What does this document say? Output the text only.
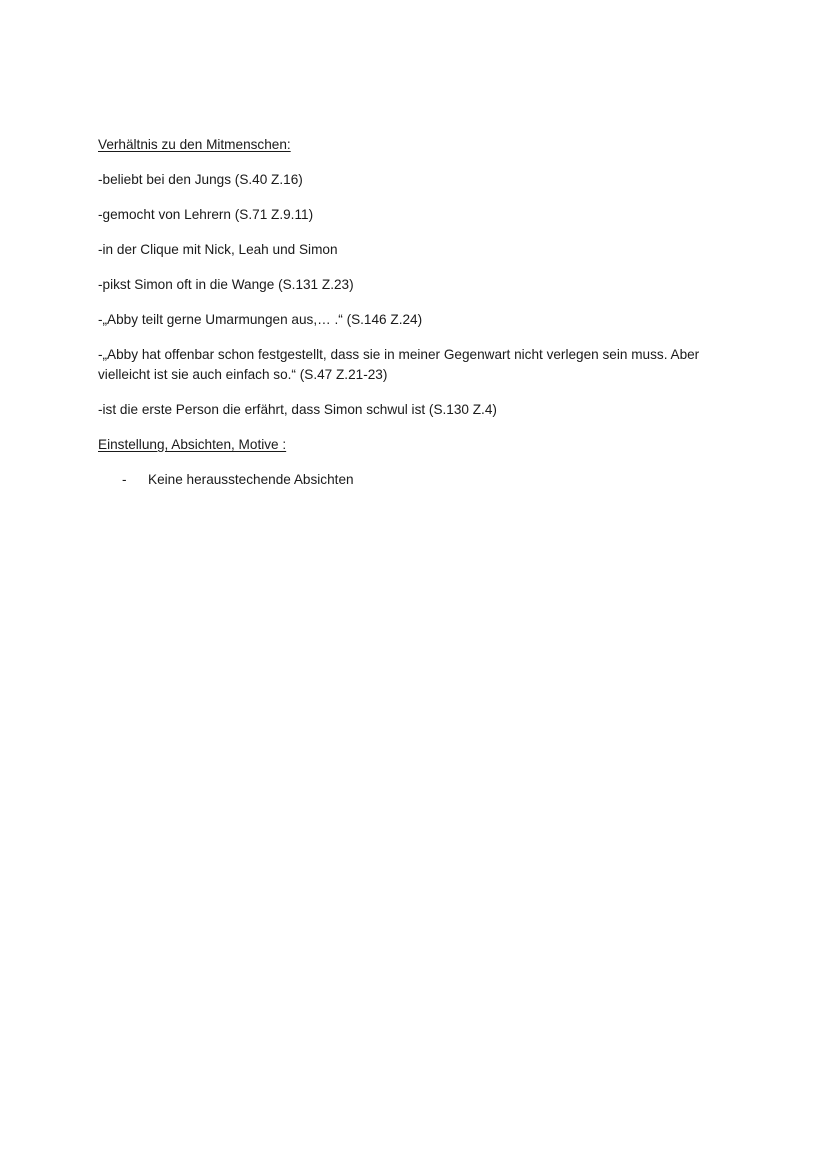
Verhältnis zu den Mitmenschen:
-beliebt bei den Jungs (S.40 Z.16)
-gemocht von Lehrern (S.71 Z.9.11)
-in der Clique mit Nick, Leah und Simon
-pikst Simon oft in die Wange (S.131 Z.23)
-„Abby teilt gerne Umarmungen aus,… .“ (S.146 Z.24)
-„Abby hat offenbar schon festgestellt, dass sie in meiner Gegenwart nicht verlegen sein muss. Aber vielleicht ist sie auch einfach so.“ (S.47 Z.21-23)
-ist die erste Person die erfährt, dass Simon schwul ist (S.130 Z.4)
Einstellung, Absichten, Motive :
-	Keine herausstechende Absichten
